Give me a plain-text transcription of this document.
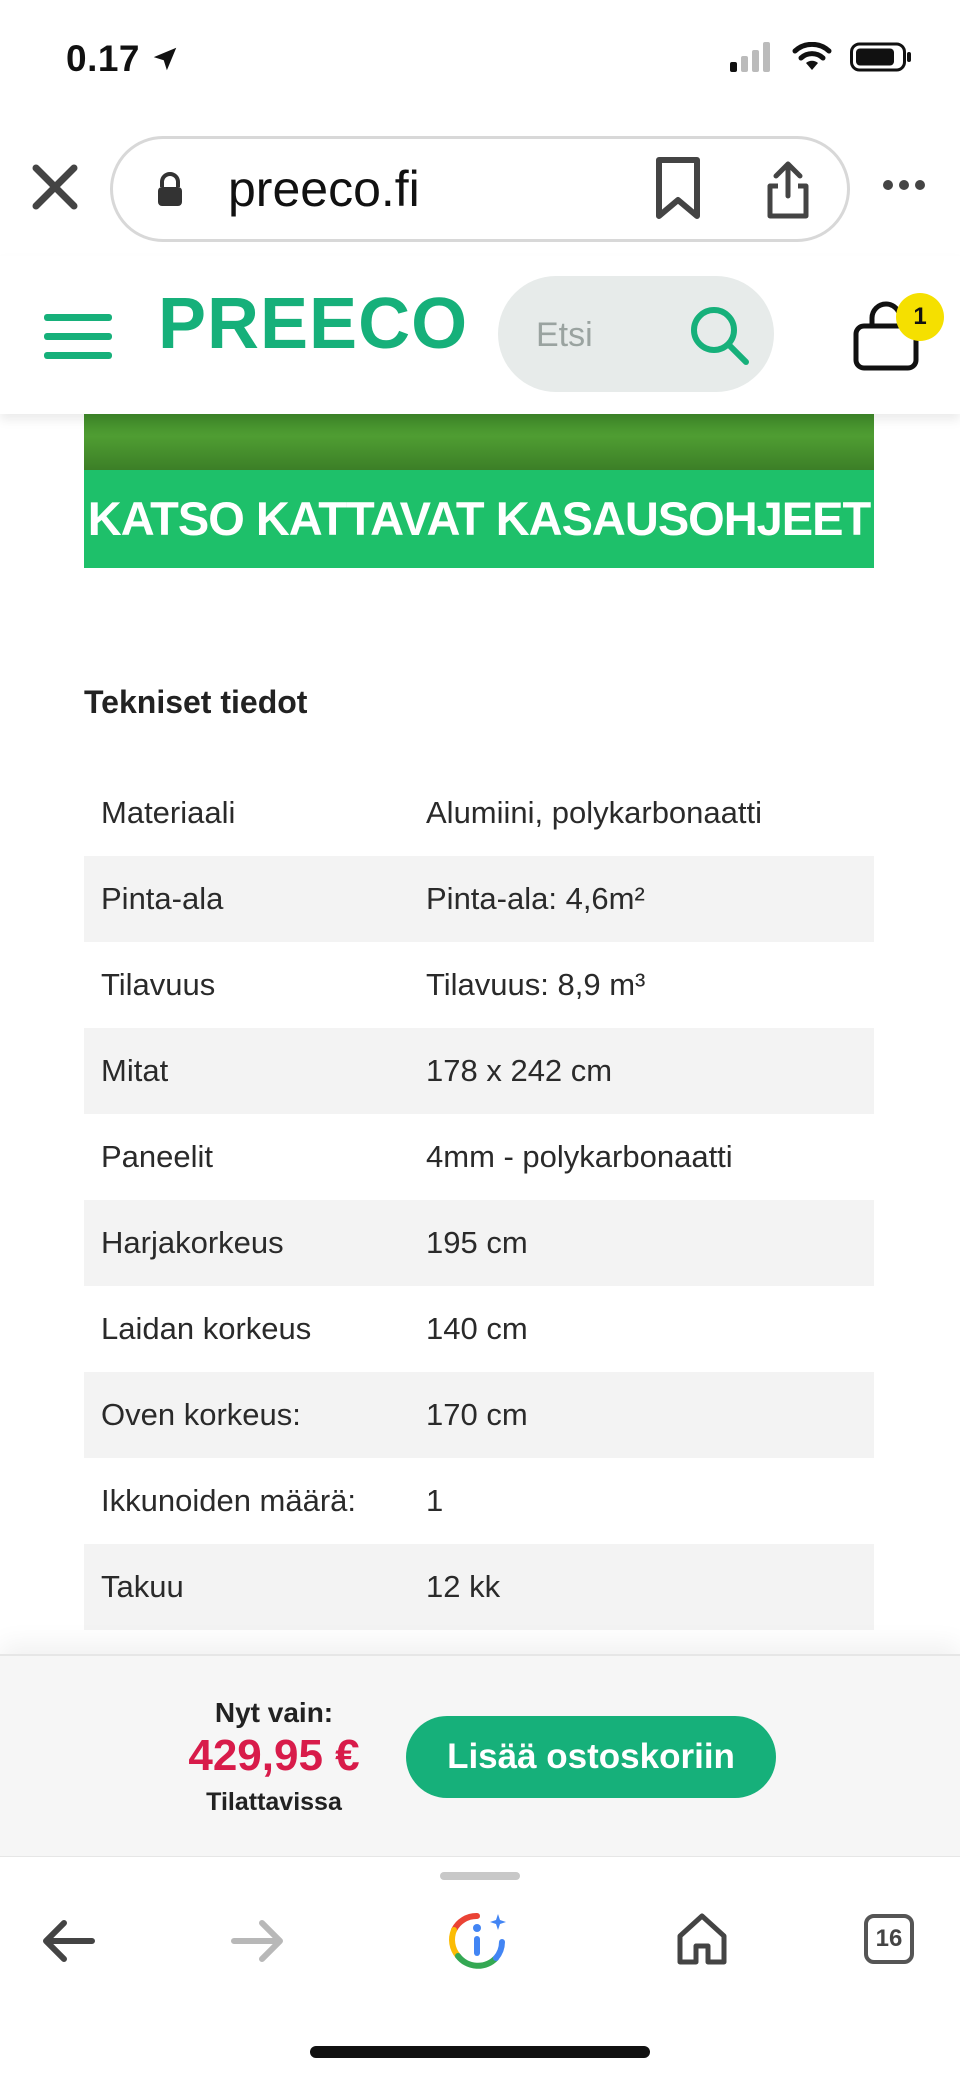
0.17
preeco.fi
PREECO Etsi	1
KATSO KATTAVAT KASAUSOHJEET
Tekniset tiedot
Materiaali	Alumiini, polykarbonaatti
Pinta-ala	Pinta-ala: 4,6m²
Tilavuus	Tilavuus: 8,9 m³
Mitat	178 x 242 cm
Paneelit	4mm - polykarbonaatti
Harjakorkeus	195 cm
Laidan korkeus	140 cm
Oven korkeus:	170 cm
Ikkunoiden määrä:	1
Takuu	12 kk
Nyt vain:
429,95 €
Tilattavissa
Lisää ostoskoriin
16
